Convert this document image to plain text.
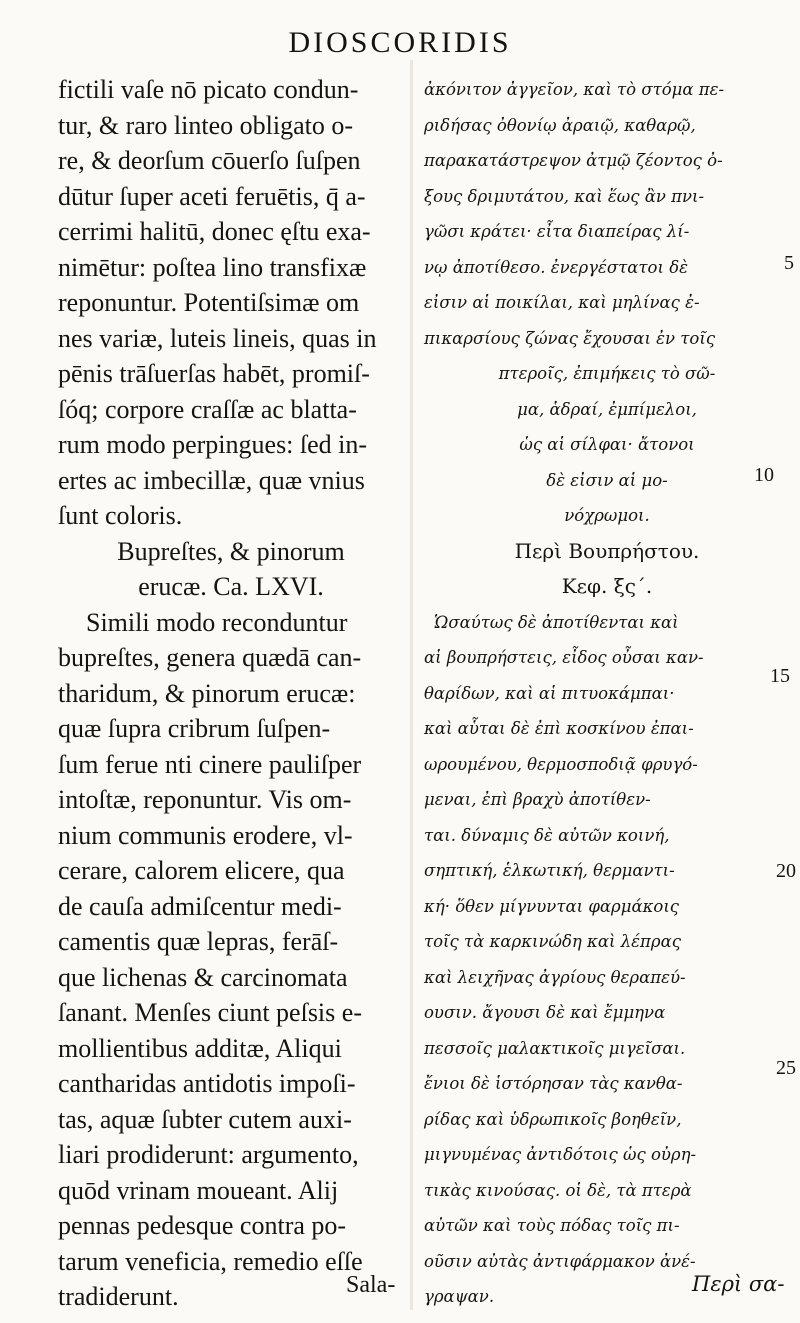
DIOSCORIDIS
fictili vaſe nō picato condun-
tur, & raro linteo obligato o-
re, & deorſum cōuerſo ſuſpen
dūtur ſuper aceti feruētis, q̄ a-
cerrimi halitū, donec ęſtu exa-
nimētur: poſtea lino transfixæ
reponuntur. Potentiſsimæ om
nes variæ, luteis lineis, quas in
pēnis trāſuerſas habēt, promiſ-
ſóq; corpore craſſæ ac blatta-
rum modo perpingues: ſed in-
ertes ac imbecillæ, quæ vnius
ſunt coloris.
Bupreſtes, & pinorum
erucæ. Ca. LXVI.
Simili modo reconduntur
bupreſtes, genera quædā can-
tharidum, & pinorum erucæ:
quæ ſupra cribrum ſuſpen-
ſum ferue nti cinere pauliſper
intoſtæ, reponuntur. Vis om-
nium communis erodere, vl-
cerare, calorem elicere, qua
de cauſa admiſcentur medi-
camentis quæ lepras, ferāſ-
que lichenas & carcinomata
ſanant. Menſes ciunt peſsis e-
mollientibus additæ, Aliqui
cantharidas antidotis impoſi-
tas, aquæ ſubter cutem auxi-
liari prodiderunt: argumento,
quōd vrinam moueant. Alij
pennas pedesque contra po-
tarum veneficia, remedio eſſe
tradiderunt.
ἀκόνιτον ἀγγεῖον, καὶ τὸ στόμα πε-
ριδήσας ὀθονίῳ ἀραιῷ, καθαρῷ,
παρακατάστρεψον ἀτμῷ ζέοντος ὀ-
ξους δριμυτάτου, καὶ ἕως ἂν πνι-
γῶσι κράτει· εἶτα διαπείρας λί-
νῳ ἀποτίθεσο. ἐνεργέστατοι δὲ
εἰσιν αἱ ποικίλαι, καὶ μηλίνας ἐ-
πικαρσίους ζώνας ἔχουσαι ἐν τοῖς
πτεροῖς, ἐπιμήκεις τὸ σῶ-
μα, ἁδραί, ἐμπίμελοι,
ὡς αἱ σίλφαι· ἄτονοι
δὲ εἰσιν αἱ μο-
νόχρωμοι.
Περὶ Βουπρήστου.
Κεφ. ξς΄.
Ὡσαύτως δὲ ἀποτίθενται καὶ
αἱ βουπρήστεις, εἶδος οὖσαι καν-
θαρίδων, καὶ αἱ πιτυοκάμπαι·
καὶ αὗται δὲ ἐπὶ κοσκίνου ἐπαι-
ωρουμένου, θερμοσποδιᾷ φρυγό-
μεναι, ἐπὶ βραχὺ ἀποτίθεν-
ται. δύναμις δὲ αὐτῶν κοινή,
σηπτική, ἑλκωτική, θερμαντι-
κή· ὅθεν μίγνυνται φαρμάκοις
τοῖς τὰ καρκινώδη καὶ λέπρας
καὶ λειχῆνας ἀγρίους θεραπεύ-
ουσιν. ἄγουσι δὲ καὶ ἔμμηνα
πεσσοῖς μαλακτικοῖς μιγεῖσαι.
ἔνιοι δὲ ἱστόρησαν τὰς κανθα-
ρίδας καὶ ὑδρωπικοῖς βοηθεῖν,
μιγνυμένας ἀντιδότοις ὡς οὐρη-
τικὰς κινούσας. οἱ δὲ, τὰ πτερὰ
αὐτῶν καὶ τοὺς πόδας τοῖς πι-
οῦσιν αὐτὰς ἀντιφάρμακον ἀνέ-
γραψαν.
5
10
15
20
25
Sala-	Περὶ σα-
